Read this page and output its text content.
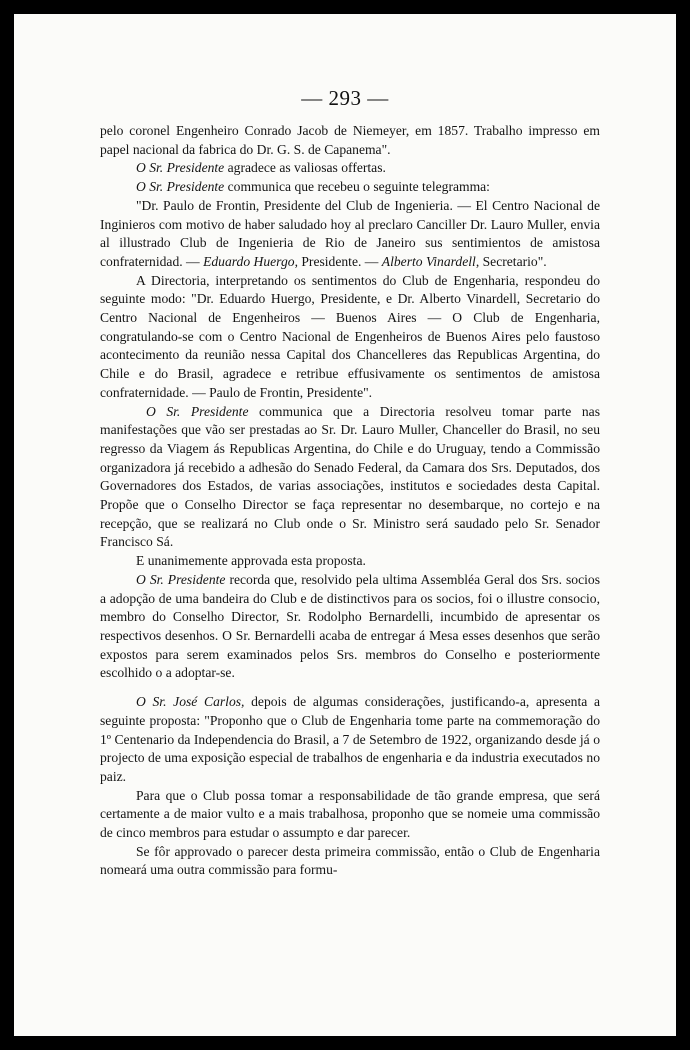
— 293 —

pelo coronel Engenheiro Conrado Jacob de Niemeyer, em 1857. Trabalho impresso em papel nacional da fabrica do Dr. G. S. de Capanema".

O Sr. Presidente agradece as valiosas offertas.

O Sr. Presidente communica que recebeu o seguinte telegramma:

"Dr. Paulo de Frontin, Presidente del Club de Ingenieria. — El Centro Nacional de Inginieros com motivo de haber saludado hoy al preclaro Canciller Dr. Lauro Muller, envia al illustrado Club de Ingenieria de Rio de Janeiro sus sentimientos de amistosa confraternidad. — Eduardo Huergo, Presidente. — Alberto Vinardell, Secretario".

A Directoria, interpretando os sentimentos do Club de Engenharia, respondeu do seguinte modo: "Dr. Eduardo Huergo, Presidente, e Dr. Alberto Vinardell, Secretario do Centro Nacional de Engenheiros — Buenos Aires — O Club de Engenharia, congratulando-se com o Centro Nacional de Engenheiros de Buenos Aires pelo faustoso acontecimento da reunião nessa Capital dos Chancelleres das Republicas Argentina, do Chile e do Brasil, agradece e retribue effusivamente os sentimentos de amistosa confraternidade. — Paulo de Frontin, Presidente".

O Sr. Presidente communica que a Directoria resolveu tomar parte nas manifestações que vão ser prestadas ao Sr. Dr. Lauro Muller, Chanceller do Brasil, no seu regresso da Viagem ás Republicas Argentina, do Chile e do Uruguay, tendo a Commissão organizadora já recebido a adhesão do Senado Federal, da Camara dos Srs. Deputados, dos Governadores dos Estados, de varias associações, institutos e sociedades desta Capital. Propõe que o Conselho Director se faça representar no desembarque, no cortejo e na recepção, que se realizará no Club onde o Sr. Ministro será saudado pelo Sr. Senador Francisco Sá.

E unanimemente approvada esta proposta.

O Sr. Presidente recorda que, resolvido pela ultima Assembléa Geral dos Srs. socios a adopção de uma bandeira do Club e de distinctivos para os socios, foi o illustre consocio, membro do Conselho Director, Sr. Rodolpho Bernardelli, incumbido de apresentar os respectivos desenhos. O Sr. Bernardelli acaba de entregar á Mesa esses desenhos que serão expostos para serem examinados pelos Srs. membros do Conselho e posteriormente escolhido o a adoptar-se.

O Sr. José Carlos, depois de algumas considerações, justificando-a, apresenta a seguinte proposta: "Proponho que o Club de Engenharia tome parte na commemoração do 1º Centenario da Independencia do Brasil, a 7 de Setembro de 1922, organizando desde já o projecto de uma exposição especial de trabalhos de engenharia e da industria executados no paiz.

Para que o Club possa tomar a responsabilidade de tão grande empresa, que será certamente a de maior vulto e a mais trabalhosa, proponho que se nomeie uma commissão de cinco membros para estudar o assumpto e dar parecer.

Se fôr approvado o parecer desta primeira commissão, então o Club de Engenharia nomeará uma outra commissão para formu-
